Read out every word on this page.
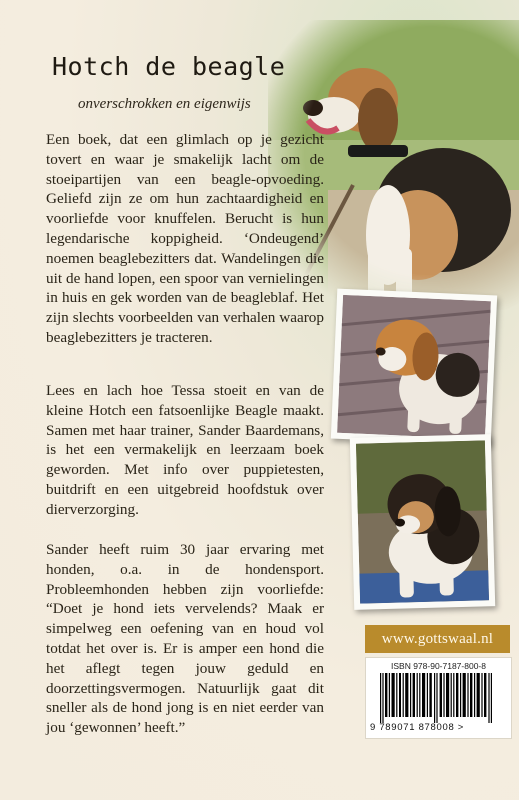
Hotch de beagle

onverschrokken en eigenwijs

Een boek, dat een glimlach op je gezicht tovert en waar je smakelijk lacht om de stoeipartijen van een beagle-opvoeding. Geliefd zijn ze om hun zachtaardigheid en voorliefde voor knuffelen. Berucht is hun legendarische koppigheid. ‘Ondeugend’ noemen beaglebezitters dat. Wandelingen die uit de hand lopen, een spoor van vernielingen in huis en gek worden van de beagleblaf. Het zijn slechts voorbeelden van verhalen waarop beaglebezitters je tracteren.

Lees en lach hoe Tessa stoeit en van de kleine Hotch een fatsoenlijke Beagle maakt. Samen met haar trainer, Sander Baardemans, is het een vermakelijk en leerzaam boek geworden. Met info over puppietesten, buitdrift en een uitgebreid hoofdstuk over dierverzorging.

Sander heeft ruim 30 jaar ervaring met honden, o.a. in de hondensport. Probleemhonden hebben zijn voorliefde: “Doet je hond iets vervelends? Maak er simpelweg een oefening van en houd vol totdat het over is. Er is amper een hond die het aflegt tegen jouw geduld en doorzettingsvermogen. Natuurlijk gaat dit sneller als de hond jong is en niet eerder van jou ‘gewonnen’ heeft.”

www.gottswaal.nl
ISBN 978-90-7187-800-8
9 789071 878008 >
